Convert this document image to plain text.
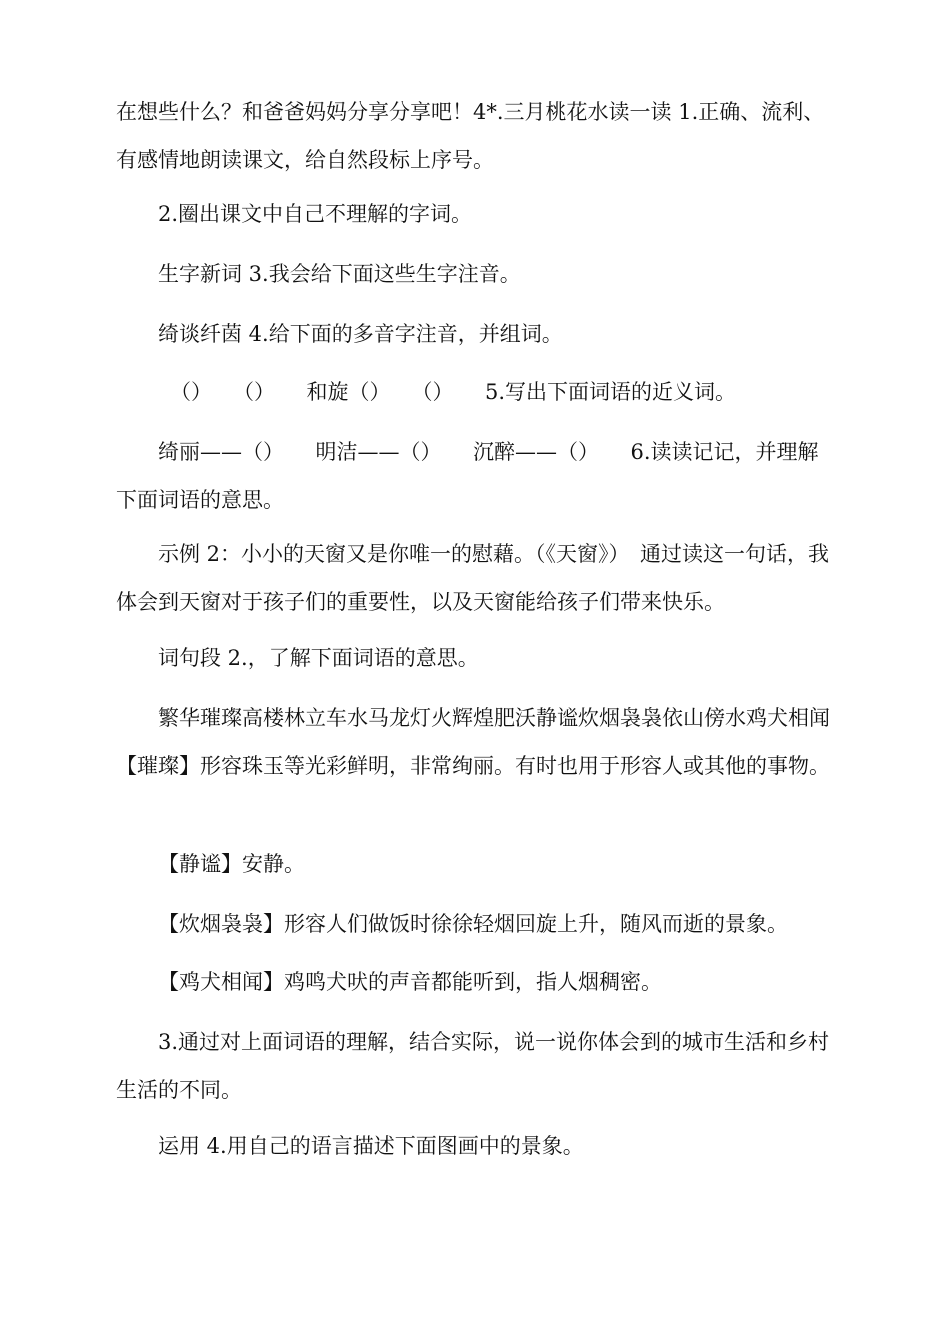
在想些什么？和爸爸妈妈分享分享吧！4*.三月桃花水读一读 1.正确、流利、有感情地朗读课文，给自然段标上序号。

2.圈出课文中自己不理解的字词。

生字新词 3.我会给下面这些生字注音。

绮谈纤茵 4.给下面的多音字注音，并组词。

（）　　（）　　和旋（）　　（）　　5.写出下面词语的近义词。

绮丽——（）　　明洁——（）　　沉醉——（）　　6.读读记记，并理解下面词语的意思。

示例 2：小小的天窗又是你唯一的慰藉。（《天窗》）　通过读这一句话，我体会到天窗对于孩子们的重要性，以及天窗能给孩子们带来快乐。

词句段 2.，了解下面词语的意思。

繁华璀璨高楼林立车水马龙灯火辉煌肥沃静谧炊烟袅袅依山傍水鸡犬相闻【璀璨】形容珠玉等光彩鲜明，非常绚丽。有时也用于形容人或其他的事物。

【静谧】安静。

【炊烟袅袅】形容人们做饭时徐徐轻烟回旋上升，随风而逝的景象。

【鸡犬相闻】鸡鸣犬吠的声音都能听到，指人烟稠密。

3.通过对上面词语的理解，结合实际，说一说你体会到的城市生活和乡村生活的不同。

运用 4.用自己的语言描述下面图画中的景象。
